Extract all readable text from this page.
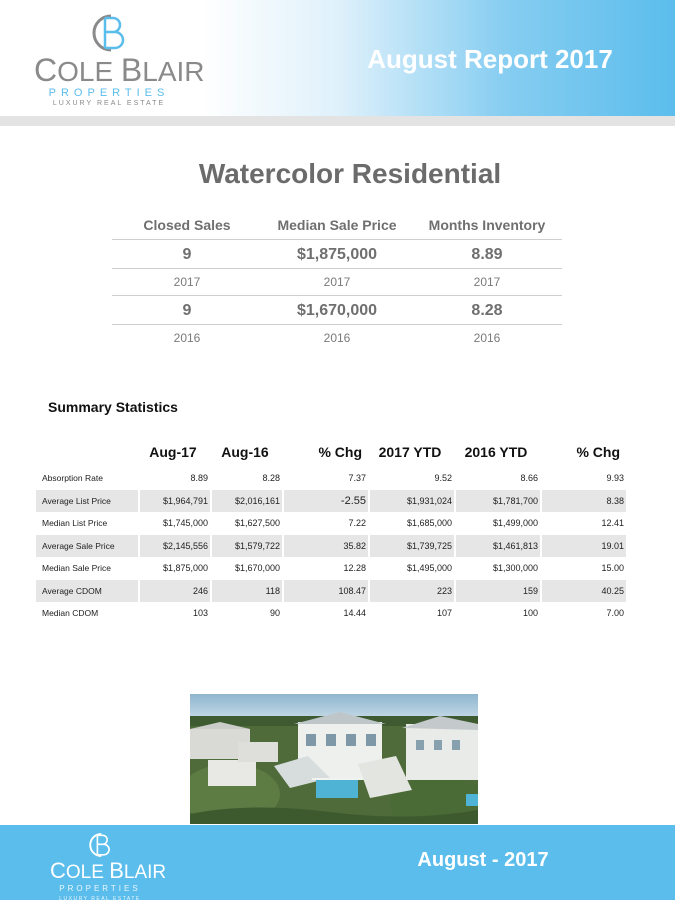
COLE BLAIR
PROPERTIES
LUXURY REAL ESTATE
August Report 2017
Watercolor Residential
Closed Sales	Median Sale Price	Months Inventory
9	$1,875,000	8.89
2017	2017	2017
9	$1,670,000	8.28
2016	2016	2016
Summary Statistics
Aug-17	Aug-16	% Chg	2017 YTD	2016 YTD	% Chg
Absorption Rate	8.89	8.28	7.37	9.52	8.66	9.93
Average List Price	$1,964,791	$2,016,161	-2.55	$1,931,024	$1,781,700	8.38
Median List Price	$1,745,000	$1,627,500	7.22	$1,685,000	$1,499,000	12.41
Average Sale Price	$2,145,556	$1,579,722	35.82	$1,739,725	$1,461,813	19.01
Median Sale Price	$1,875,000	$1,670,000	12.28	$1,495,000	$1,300,000	15.00
Average CDOM	246	118	108.47	223	159	40.25
Median CDOM	103	90	14.44	107	100	7.00
COLE BLAIR
PROPERTIES
LUXURY REAL ESTATE
August - 2017
